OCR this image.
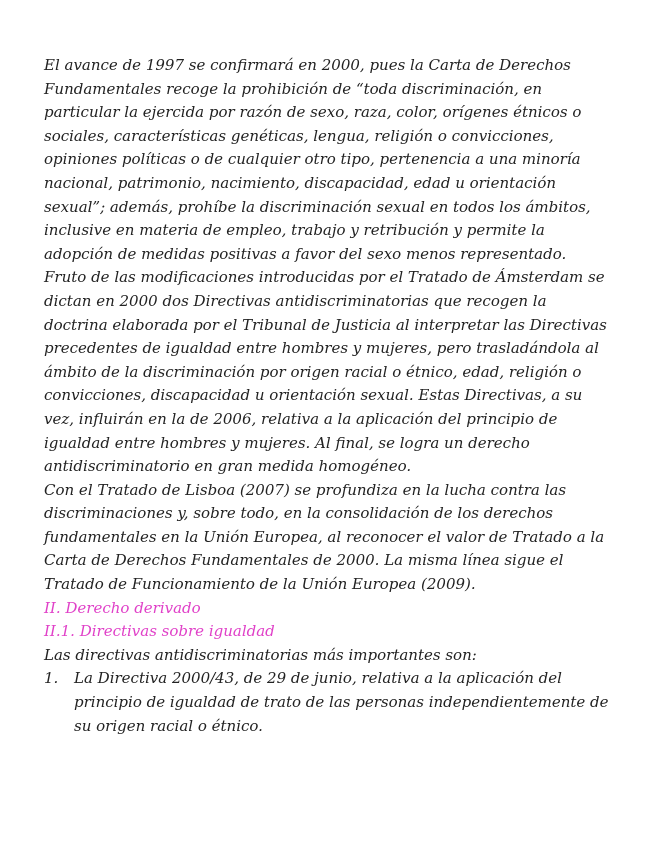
El avance de 1997 se confirmará en 2000, pues la Carta de Derechos Fundamentales recoge la prohibición de “toda discriminación, en particular la ejercida por razón de sexo, raza, color, orígenes étnicos o sociales, características genéticas, lengua, religión o convicciones, opiniones políticas o de cualquier otro tipo, pertenencia a una minoría nacional, patrimonio, nacimiento, discapacidad, edad u orientación sexual”; además, prohíbe la discriminación sexual en todos los ámbitos, inclusive en materia de empleo, trabajo y retribución y permite la adopción de medidas positivas a favor del sexo menos representado.

Fruto de las modificaciones introducidas por el Tratado de Ámsterdam se dictan en 2000 dos Directivas antidiscriminatorias que recogen la doctrina elaborada por el Tribunal de Justicia al interpretar las Directivas precedentes de igualdad entre hombres y mujeres, pero trasladándola al ámbito de la discriminación por origen racial o étnico, edad, religión o convicciones, discapacidad u orientación sexual. Estas Directivas, a su vez, influirán en la de 2006, relativa a la aplicación del principio de igualdad entre hombres y mujeres. Al final, se logra un derecho antidiscriminatorio en gran medida homogéneo.

Con el Tratado de Lisboa (2007) se profundiza en la lucha contra las discriminaciones y, sobre todo, en la consolidación de los derechos fundamentales en la Unión Europea, al reconocer el valor de Tratado a la Carta de Derechos Fundamentales de 2000. La misma línea sigue el Tratado de Funcionamiento de la Unión Europea (2009).

II. Derecho derivado

II.1. Directivas sobre igualdad

Las directivas antidiscriminatorias más importantes son:

1.	La Directiva 2000/43, de 29 de junio, relativa a la aplicación del principio de igualdad de trato de las personas independientemente de su origen racial o étnico.
